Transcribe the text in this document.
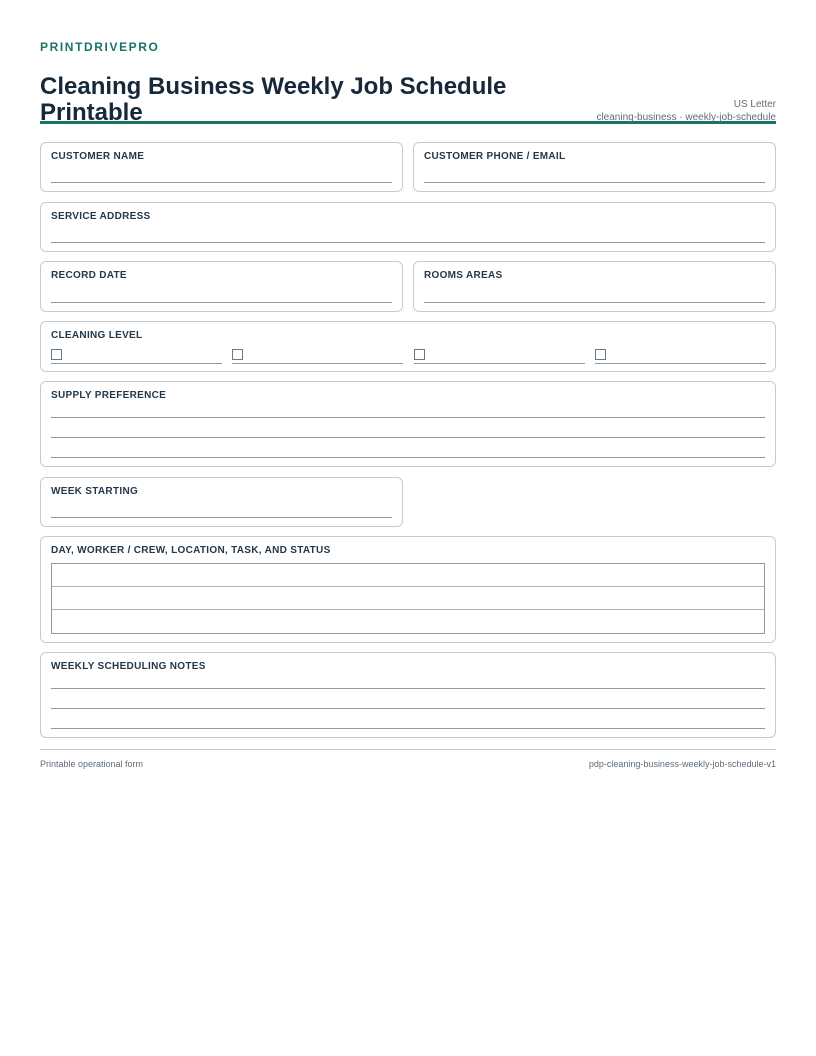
PRINTDRIVEPRO
Cleaning Business Weekly Job Schedule Printable	US Letter
cleaning-business · weekly-job-schedule
CUSTOMER NAME	CUSTOMER PHONE / EMAIL
SERVICE ADDRESS
RECORD DATE	ROOMS AREAS
CLEANING LEVEL
SUPPLY PREFERENCE
WEEK STARTING
DAY, WORKER / CREW, LOCATION, TASK, AND STATUS
WEEKLY SCHEDULING NOTES
Printable operational form	pdp-cleaning-business-weekly-job-schedule-v1
